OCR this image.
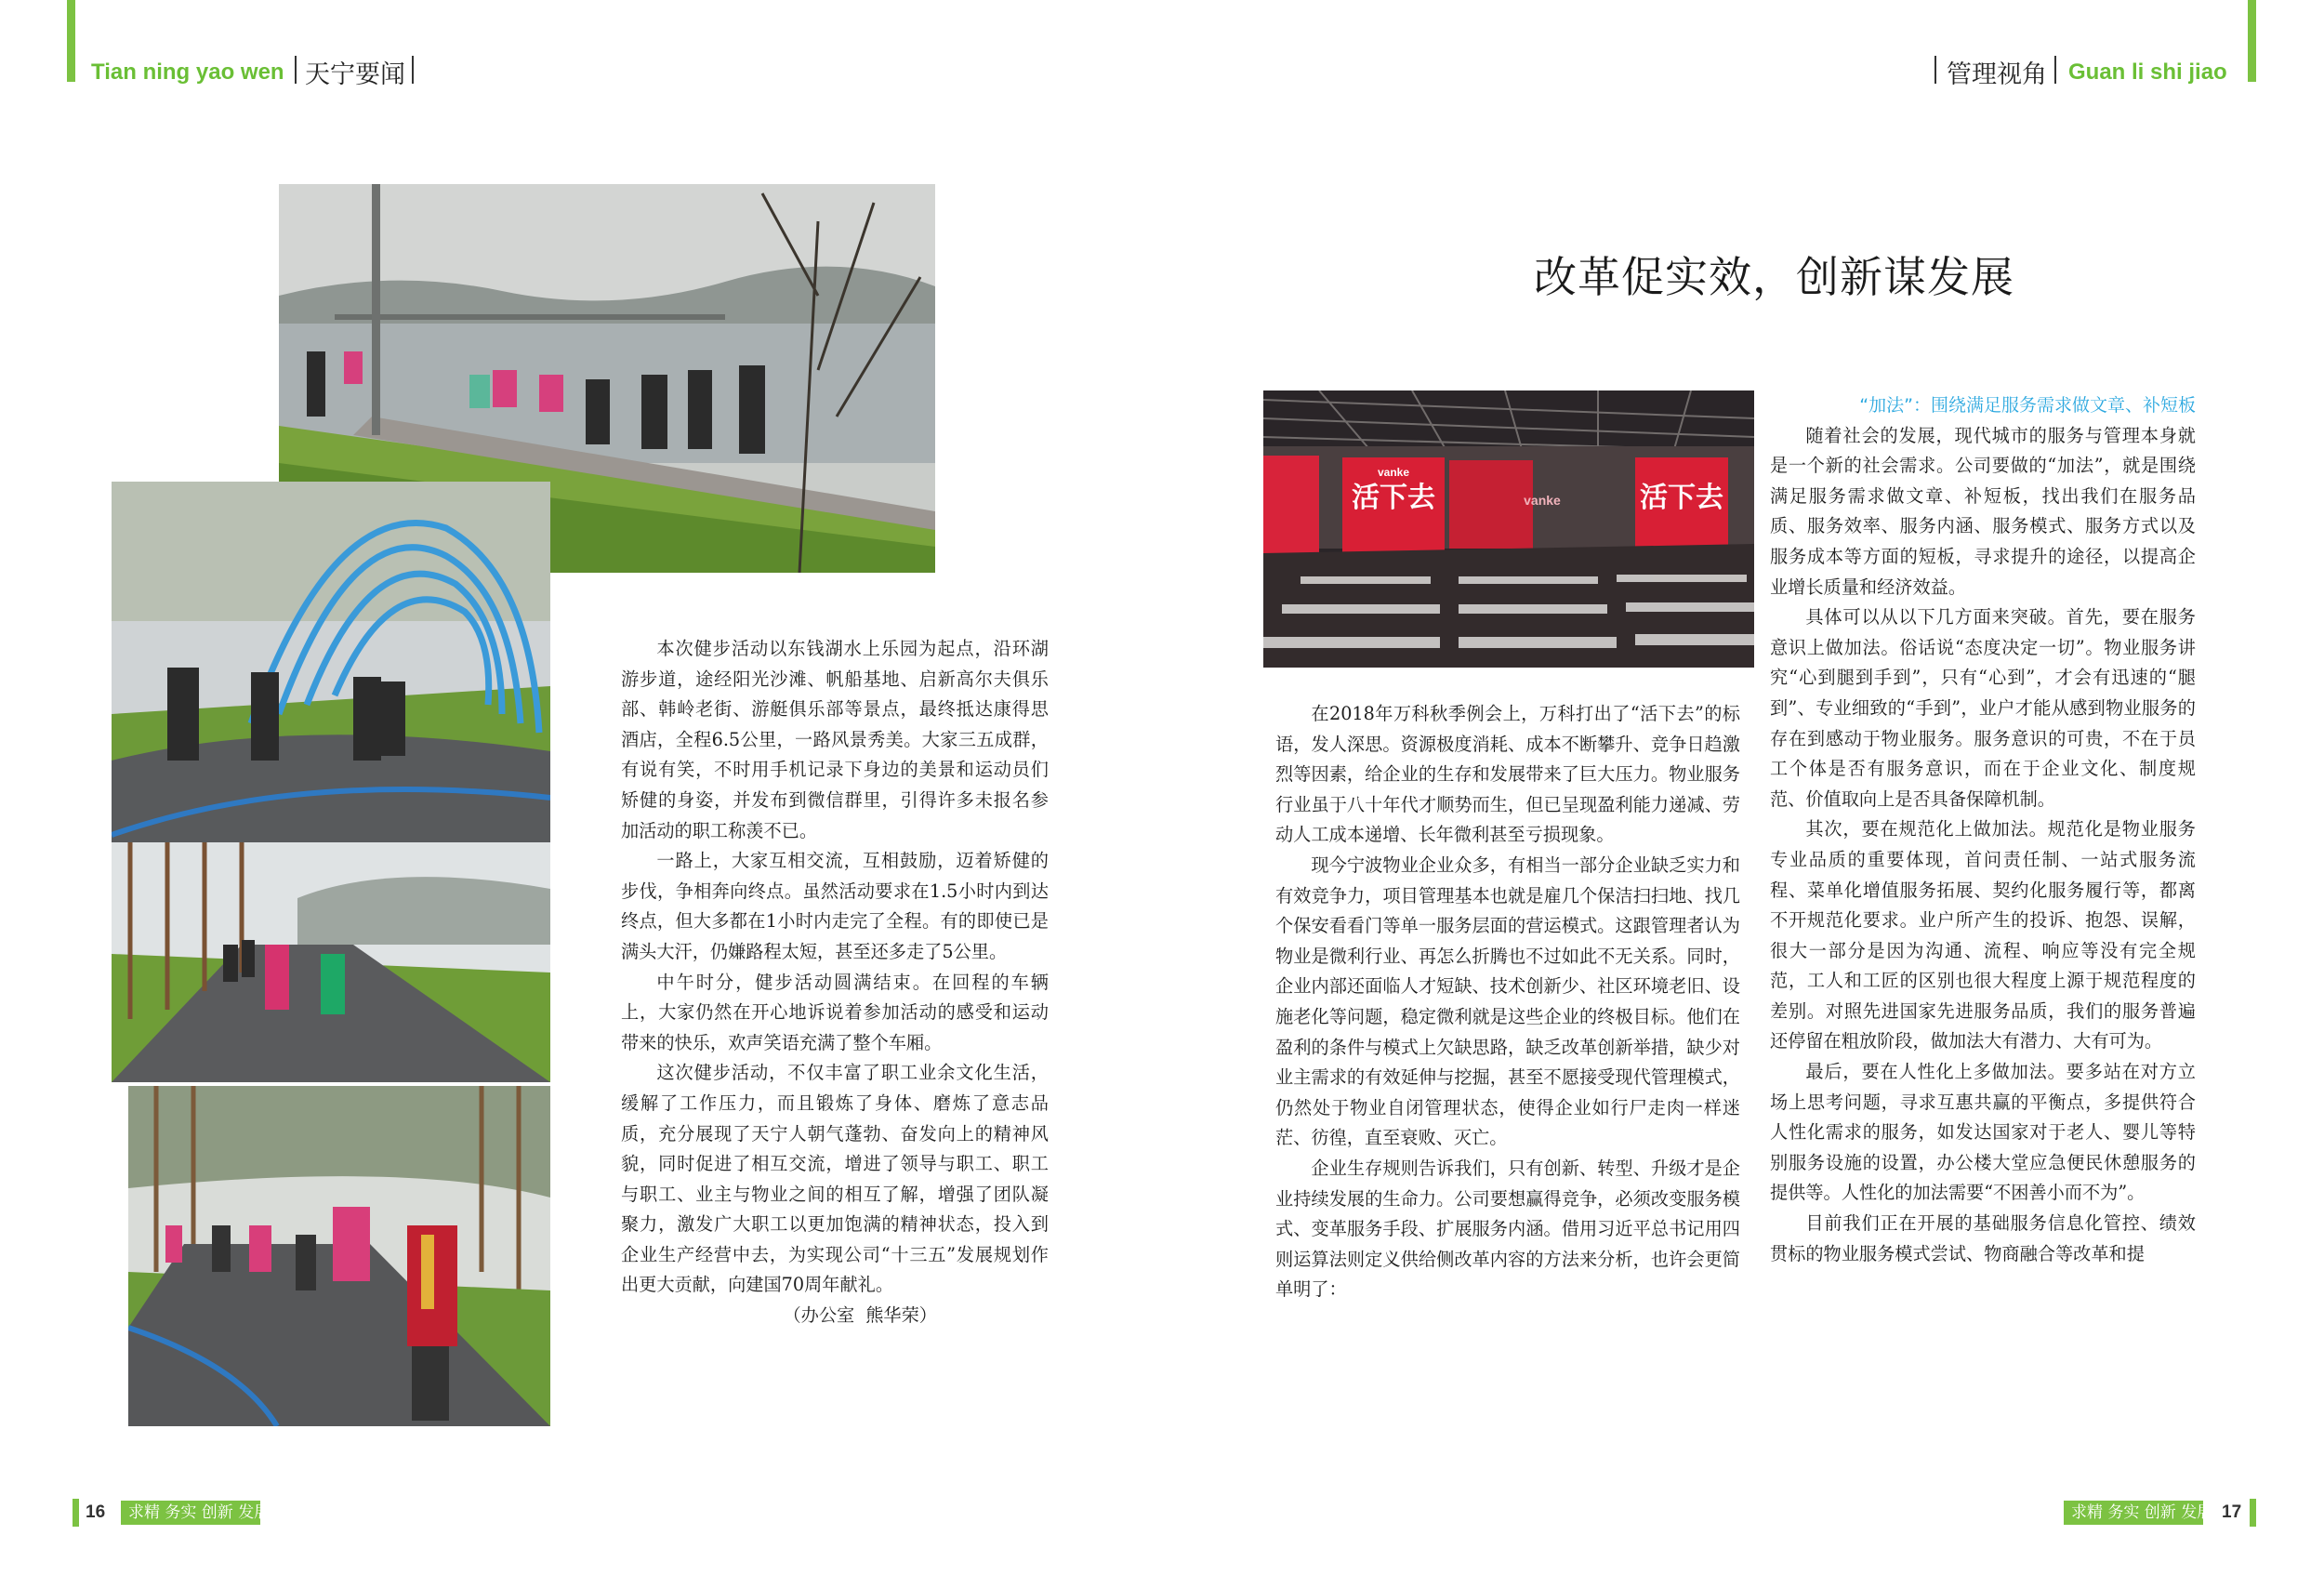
Tian ning yao wen 天宁要闻	管理视角 Guan li shi jiao

本次健步活动以东钱湖水上乐园为起点，沿环湖游步道，途经阳光沙滩、帆船基地、启新高尔夫俱乐部、韩岭老街、游艇俱乐部等景点，最终抵达康得思酒店，全程6.5公里，一路风景秀美。大家三五成群，有说有笑，不时用手机记录下身边的美景和运动员们矫健的身姿，并发布到微信群里，引得许多未报名参加活动的职工称羡不已。

一路上，大家互相交流，互相鼓励，迈着矫健的步伐，争相奔向终点。虽然活动要求在1.5小时内到达终点，但大多都在1小时内走完了全程。有的即使已是满头大汗，仍嫌路程太短，甚至还多走了5公里。

中午时分，健步活动圆满结束。在回程的车辆上，大家仍然在开心地诉说着参加活动的感受和运动带来的快乐，欢声笑语充满了整个车厢。

这次健步活动，不仅丰富了职工业余文化生活，缓解了工作压力，而且锻炼了身体、磨炼了意志品质，充分展现了天宁人朝气蓬勃、奋发向上的精神风貌，同时促进了相互交流，增进了领导与职工、职工与职工、业主与物业之间的相互了解，增强了团队凝聚力，激发广大职工以更加饱满的精神状态，投入到企业生产经营中去，为实现公司“十三五”发展规划作出更大贡献，向建国70周年献礼。

（办公室 熊华荣）

改革促实效，创新谋发展
活下去	活下去
vanke
vanke

在2018年万科秋季例会上，万科打出了“活下去”的标语，发人深思。资源极度消耗、成本不断攀升、竞争日趋激烈等因素，给企业的生存和发展带来了巨大压力。物业服务行业虽于八十年代才顺势而生，但已呈现盈利能力递减、劳动人工成本递增、长年微利甚至亏损现象。

现今宁波物业企业众多，有相当一部分企业缺乏实力和有效竞争力，项目管理基本也就是雇几个保洁扫扫地、找几个保安看看门等单一服务层面的营运模式。这跟管理者认为物业是微利行业、再怎么折腾也不过如此不无关系。同时，企业内部还面临人才短缺、技术创新少、社区环境老旧、设施老化等问题，稳定微利就是这些企业的终极目标。他们在盈利的条件与模式上欠缺思路，缺乏改革创新举措，缺少对业主需求的有效延伸与挖掘，甚至不愿接受现代管理模式，仍然处于物业自闭管理状态，使得企业如行尸走肉一样迷茫、彷徨，直至衰败、灭亡。

企业生存规则告诉我们，只有创新、转型、升级才是企业持续发展的生命力。公司要想赢得竞争，必须改变服务模式、变革服务手段、扩展服务内涵。借用习近平总书记用四则运算法则定义供给侧改革内容的方法来分析，也许会更简单明了：

“加法”：围绕满足服务需求做文章、补短板

随着社会的发展，现代城市的服务与管理本身就是一个新的社会需求。公司要做的“加法”，就是围绕满足服务需求做文章、补短板，找出我们在服务品质、服务效率、服务内涵、服务模式、服务方式以及服务成本等方面的短板，寻求提升的途径，以提高企业增长质量和经济效益。

具体可以从以下几方面来突破。首先，要在服务意识上做加法。俗话说“态度决定一切”。物业服务讲究“心到腿到手到”，只有“心到”，才会有迅速的“腿到”、专业细致的“手到”，业户才能从感到物业服务的存在到感动于物业服务。服务意识的可贵，不在于员工个体是否有服务意识，而在于企业文化、制度规范、价值取向上是否具备保障机制。

其次，要在规范化上做加法。规范化是物业服务专业品质的重要体现，首问责任制、一站式服务流程、菜单化增值服务拓展、契约化服务履行等，都离不开规范化要求。业户所产生的投诉、抱怨、误解，很大一部分是因为沟通、流程、响应等没有完全规范，工人和工匠的区别也很大程度上源于规范程度的差别。对照先进国家先进服务品质，我们的服务普遍还停留在粗放阶段，做加法大有潜力、大有可为。

最后，要在人性化上多做加法。要多站在对方立场上思考问题，寻求互惠共赢的平衡点，多提供符合人性化需求的服务，如发达国家对于老人、婴儿等特别服务设施的设置，办公楼大堂应急便民休憩服务的提供等。人性化的加法需要“不困善小而不为”。

目前我们正在开展的基础服务信息化管控、绩效贯标的物业服务模式尝试、物商融合等改革和提

16	求精 务实 创新 发展	求精 务实 创新 发展 17
